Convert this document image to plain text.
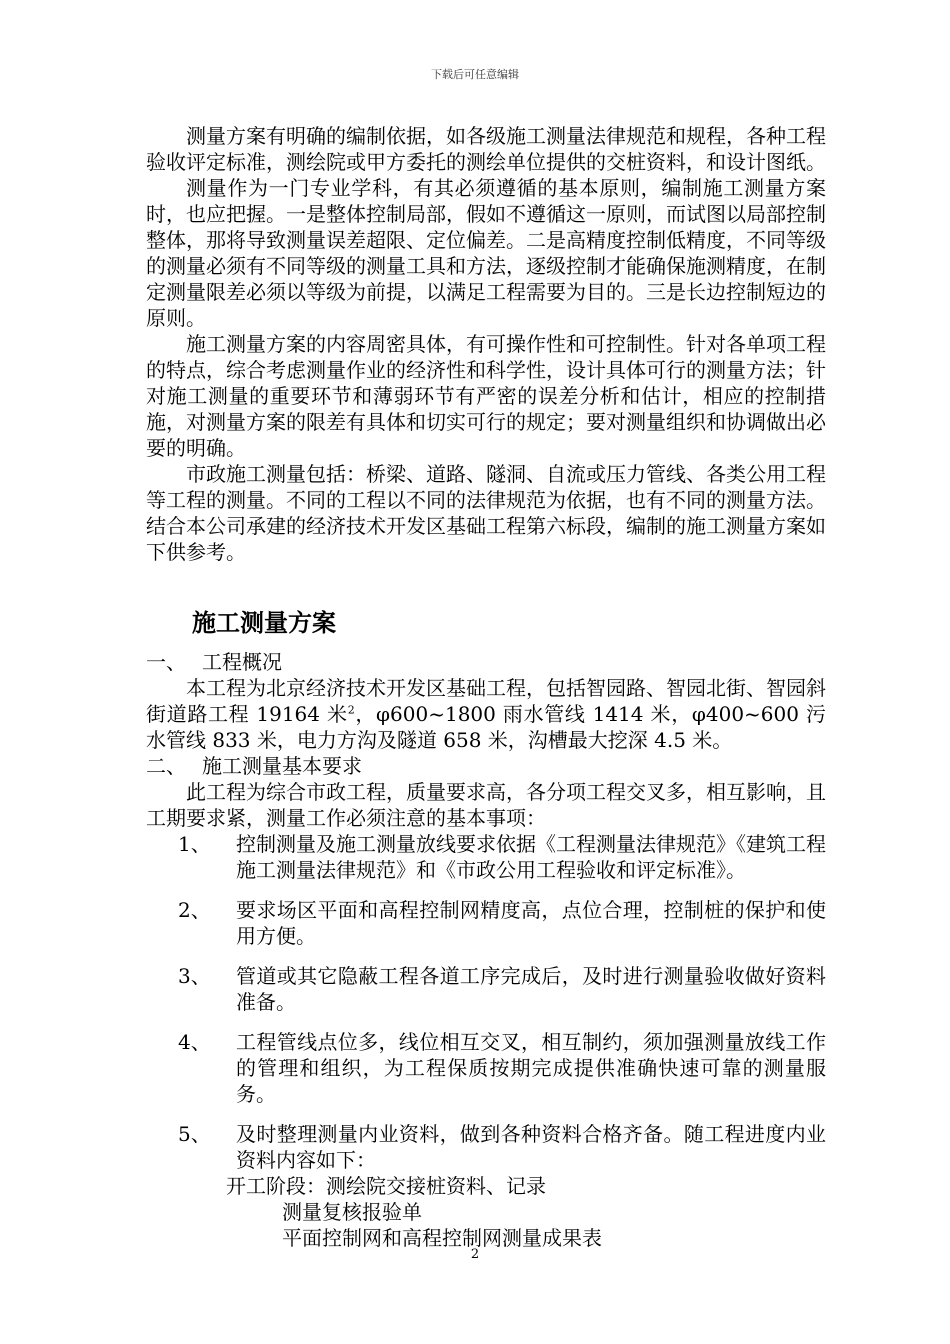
下载后可任意编辑

测量方案有明确的编制依据，如各级施工测量法律规范和规程，各种工程验收评定标准，测绘院或甲方委托的测绘单位提供的交桩资料，和设计图纸。

测量作为一门专业学科，有其必须遵循的基本原则，编制施工测量方案时，也应把握。一是整体控制局部，假如不遵循这一原则，而试图以局部控制整体，那将导致测量误差超限、定位偏差。二是高精度控制低精度，不同等级的测量必须有不同等级的测量工具和方法，逐级控制才能确保施测精度，在制定测量限差必须以等级为前提，以满足工程需要为目的。三是长边控制短边的原则。

施工测量方案的内容周密具体，有可操作性和可控制性。针对各单项工程的特点，综合考虑测量作业的经济性和科学性，设计具体可行的测量方法；针对施工测量的重要环节和薄弱环节有严密的误差分析和估计，相应的控制措施，对测量方案的限差有具体和切实可行的规定；要对测量组织和协调做出必要的明确。

市政施工测量包括：桥梁、道路、隧洞、自流或压力管线、各类公用工程等工程的测量。不同的工程以不同的法律规范为依据，也有不同的测量方法。结合本公司承建的经济技术开发区基础工程第六标段，编制的施工测量方案如下供参考。

施工测量方案
一、 工程概况

本工程为北京经济技术开发区基础工程，包括智园路、智园北街、智园斜街道路工程 19164 米$^2$，φ600~1800 雨水管线 1414 米，φ400~600 污水管线 833 米，电力方沟及隧道 658 米，沟槽最大挖深 4.5 米。

二、 施工测量基本要求

此工程为综合市政工程，质量要求高，各分项工程交叉多，相互影响，且工期要求紧，测量工作必须注意的基本事项：

1、	控制测量及施工测量放线要求依据《工程测量法律规范》《建筑工程施工测量法律规范》和《市政公用工程验收和评定标准》。
2、	要求场区平面和高程控制网精度高，点位合理，控制桩的保护和使用方便。
3、	管道或其它隐蔽工程各道工序完成后，及时进行测量验收做好资料准备。
4、	工程管线点位多，线位相互交叉，相互制约，须加强测量放线工作的管理和组织，为工程保质按期完成提供准确快速可靠的测量服务。
5、	及时整理测量内业资料，做到各种资料合格齐备。随工程进度内业资料内容如下：

开工阶段：测绘院交接桩资料、记录

测量复核报验单

平面控制网和高程控制网测量成果表

2
